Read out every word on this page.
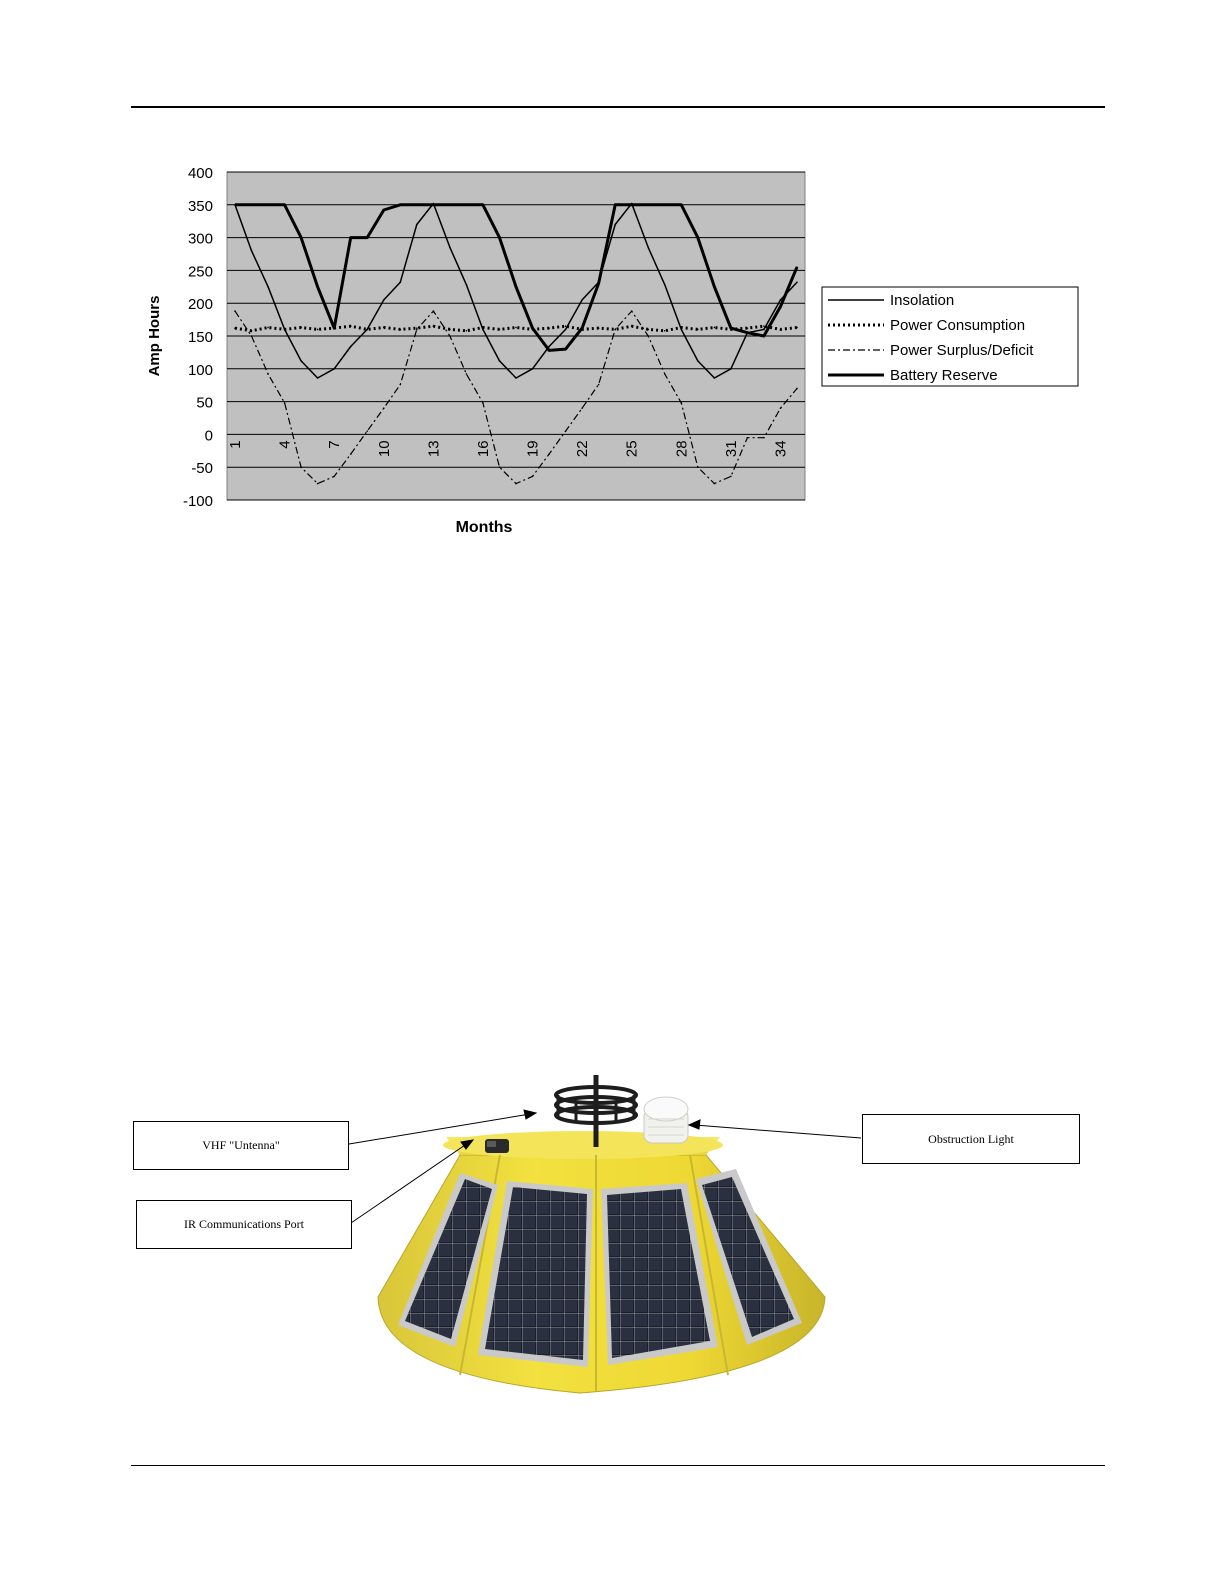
400
350
300
250
200
150
100
50
0
-50
-100
1 4 7 10 13 16 19 22 25 28 31 34
Amp Hours
Months
Insolation
Power Consumption
Power Surplus/Deficit
Battery Reserve
VHF "Untenna"
IR Communications Port
Obstruction Light
